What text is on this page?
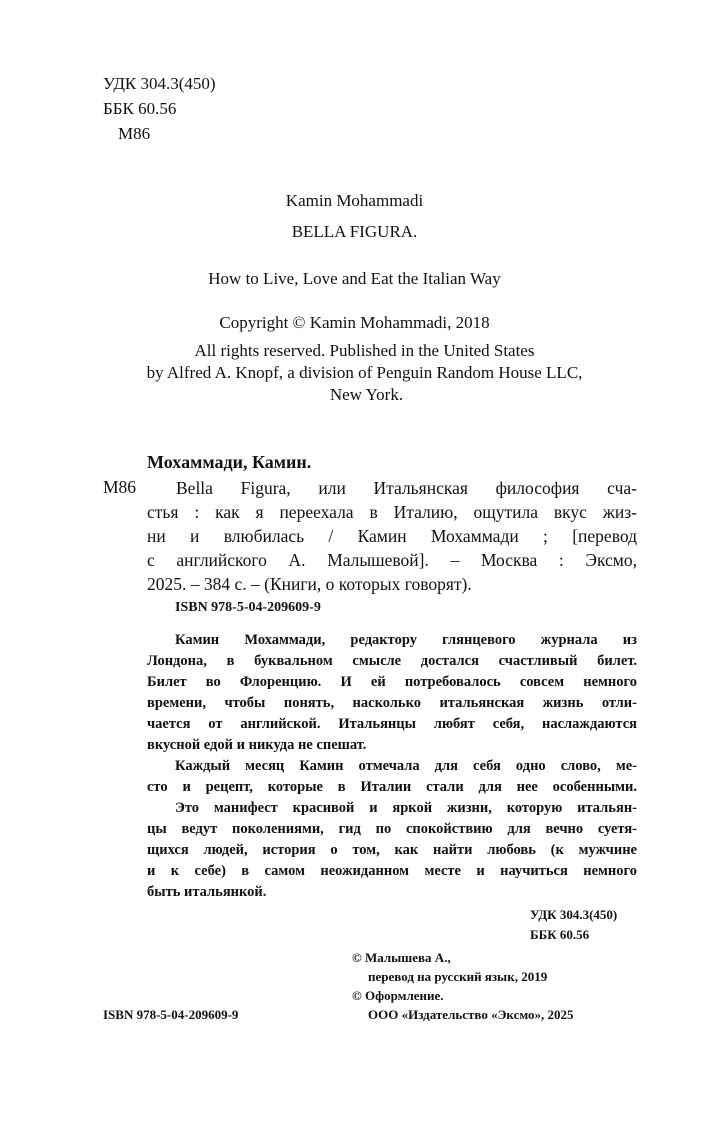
УДК 304.3(450)
ББК 60.56
М86
Kamin Mohammadi
BELLA FIGURA.
How to Live, Love and Eat the Italian Way
Copyright © Kamin Mohammadi, 2018
All rights reserved. Published in the United States
by Alfred A. Knopf, a division of Penguin Random House LLC,
New York.
Мохаммади, Камин.
М86 Bella Figura, или Итальянская философия сча-
стья : как я переехала в Италию, ощутила вкус жиз-
ни и влюбилась / Камин Мохаммади ; [перевод
с английского А. Малышевой]. – Москва : Эксмо,
2025. – 384 с. – (Книги, о которых говорят).
ISBN 978-5-04-209609-9
Камин Мохаммади, редактору глянцевого журнала из
Лондона, в буквальном смысле достался счастливый билет.
Билет во Флоренцию. И ей потребовалось совсем немного
времени, чтобы понять, насколько итальянская жизнь отли-
чается от английской. Итальянцы любят себя, наслаждаются
вкусной едой и никуда не спешат.
Каждый месяц Камин отмечала для себя одно слово, ме-
сто и рецепт, которые в Италии стали для нее особенными.
Это манифест красивой и яркой жизни, которую итальян-
цы ведут поколениями, гид по спокойствию для вечно суетя-
щихся людей, история о том, как найти любовь (к мужчине
и к себе) в самом неожиданном месте и научиться немного
быть итальянкой.
УДК 304.3(450)
ББК 60.56
© Малышева А.,
перевод на русский язык, 2019
© Оформление.
ООО «Издательство «Эксмо», 2025
ISBN 978-5-04-209609-9
